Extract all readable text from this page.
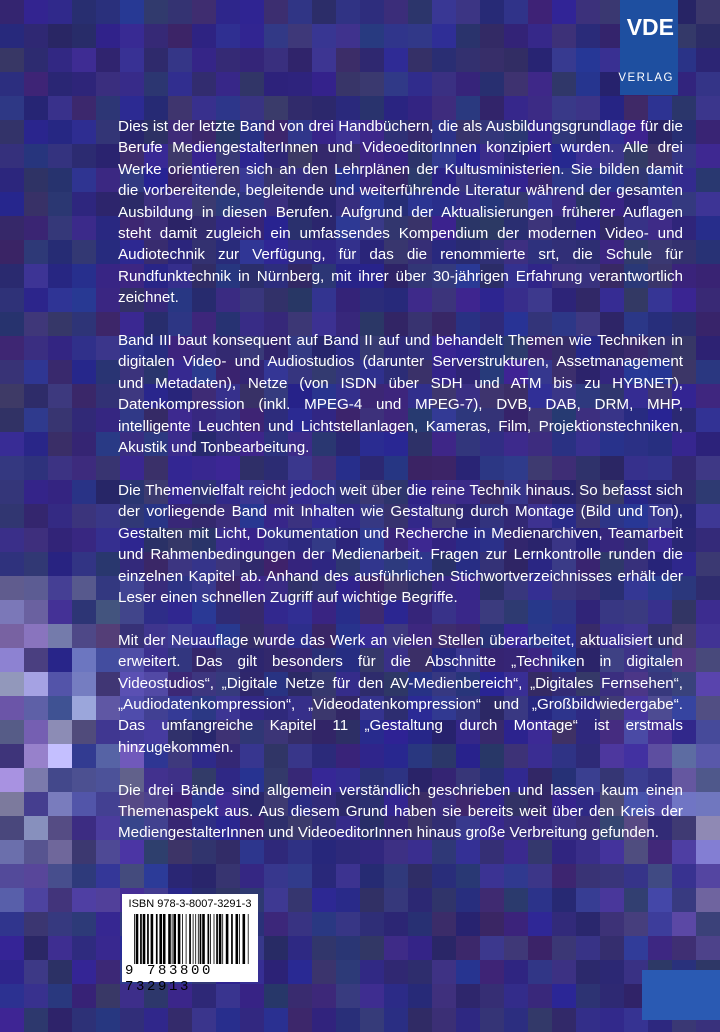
VDE
VERLAG

Dies ist der letzte Band von drei Handbüchern, die als Ausbildungsgrundlage für die Berufe MediengestalterInnen und VideoeditorInnen konzipiert wurden. Alle drei Werke orientieren sich an den Lehrplänen der Kultusministerien. Sie bilden damit die vorbereitende, begleitende und weiterführende Literatur während der gesamten Ausbildung in diesen Berufen. Aufgrund der Aktualisierungen früherer Auflagen steht damit zugleich ein umfassendes Kompendium der modernen Video- und Audiotechnik zur Verfügung, für das die renommierte srt, die Schule für Rundfunktechnik in Nürnberg, mit ihrer über 30-jährigen Erfahrung verantwortlich zeichnet.

Band III baut konsequent auf Band II auf und behandelt Themen wie Techniken in digitalen Video- und Audiostudios (darunter Serverstrukturen, Assetmanagement und Metadaten), Netze (von ISDN über SDH und ATM bis zu HYBNET), Datenkompression (inkl. MPEG-4 und MPEG-7), DVB, DAB, DRM, MHP, intelligente Leuchten und Lichtstellanlagen, Kameras, Film, Projektionstechniken, Akustik und Tonbearbeitung.

Die Themenvielfalt reicht jedoch weit über die reine Technik hinaus. So befasst sich der vorliegende Band mit Inhalten wie Gestaltung durch Montage (Bild und Ton), Gestalten mit Licht, Dokumentation und Recherche in Medienarchiven, Teamarbeit und Rahmenbedingungen der Medienarbeit. Fragen zur Lernkontrolle runden die einzelnen Kapitel ab. Anhand des ausführlichen Stichwortverzeichnisses erhält der Leser einen schnellen Zugriff auf wichtige Begriffe.

Mit der Neuauflage wurde das Werk an vielen Stellen überarbeitet, aktualisiert und erweitert. Das gilt besonders für die Abschnitte „Techniken in digitalen Videostudios“, „Digitale Netze für den AV-Medienbereich“, „Digitales Fernsehen“, „Audiodatenkompression“, „Videodatenkompression“ und „Großbildwiedergabe“. Das umfangreiche Kapitel 11 „Gestaltung durch Montage“ ist erstmals hinzugekommen.

Die drei Bände sind allgemein verständlich geschrieben und lassen kaum einen Themenaspekt aus. Aus diesem Grund haben sie bereits weit über den Kreis der MediengestalterInnen und VideoeditorInnen hinaus große Verbreitung gefunden.

ISBN 978-3-8007-3291-3
9 783800 732913
